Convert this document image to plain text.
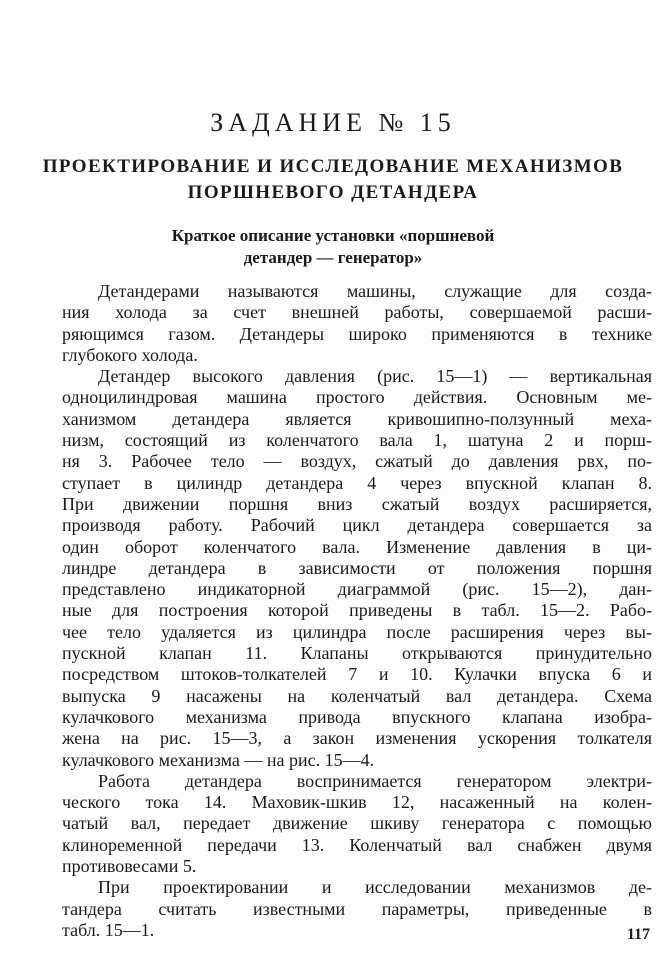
ЗАДАНИЕ № 15
ПРОЕКТИРОВАНИЕ И ИССЛЕДОВАНИЕ МЕХАНИЗМОВ
ПОРШНЕВОГО ДЕТАНДЕРА
Краткое описание установки «поршневой
детандер — генератор»
Детандерами называются машины, служащие для созда-
ния холода за счет внешней работы, совершаемой расши-
ряющимся газом. Детандеры широко применяются в технике
глубокого холода.
Детандер высокого давления (рис. 15—1) — вертикальная
одноцилиндровая машина простого действия. Основным ме-
ханизмом детандера является кривошипно-ползунный меха-
низм, состоящий из коленчатого вала 1, шатуна 2 и порш-
ня 3. Рабочее тело — воздух, сжатый до давления pвх, по-
ступает в цилиндр детандера 4 через впускной клапан 8.
При движении поршня вниз сжатый воздух расширяется,
производя работу. Рабочий цикл детандера совершается за
один оборот коленчатого вала. Изменение давления в ци-
линдре детандера в зависимости от положения поршня
представлено индикаторной диаграммой (рис. 15—2), дан-
ные для построения которой приведены в табл. 15—2. Рабо-
чее тело удаляется из цилиндра после расширения через вы-
пускной клапан 11. Клапаны открываются принудительно
посредством штоков-толкателей 7 и 10. Кулачки впуска 6 и
выпуска 9 насажены на коленчатый вал детандера. Схема
кулачкового механизма привода впускного клапана изобра-
жена на рис. 15—3, а закон изменения ускорения толкателя
кулачкового механизма — на рис. 15—4.
Работа детандера воспринимается генератором электри-
ческого тока 14. Маховик-шкив 12, насаженный на колен-
чатый вал, передает движение шкиву генератора с помощью
клиноременной передачи 13. Коленчатый вал снабжен двумя
противовесами 5.
При проектировании и исследовании механизмов де-
тандера считать известными параметры, приведенные в
табл. 15—1.	117
